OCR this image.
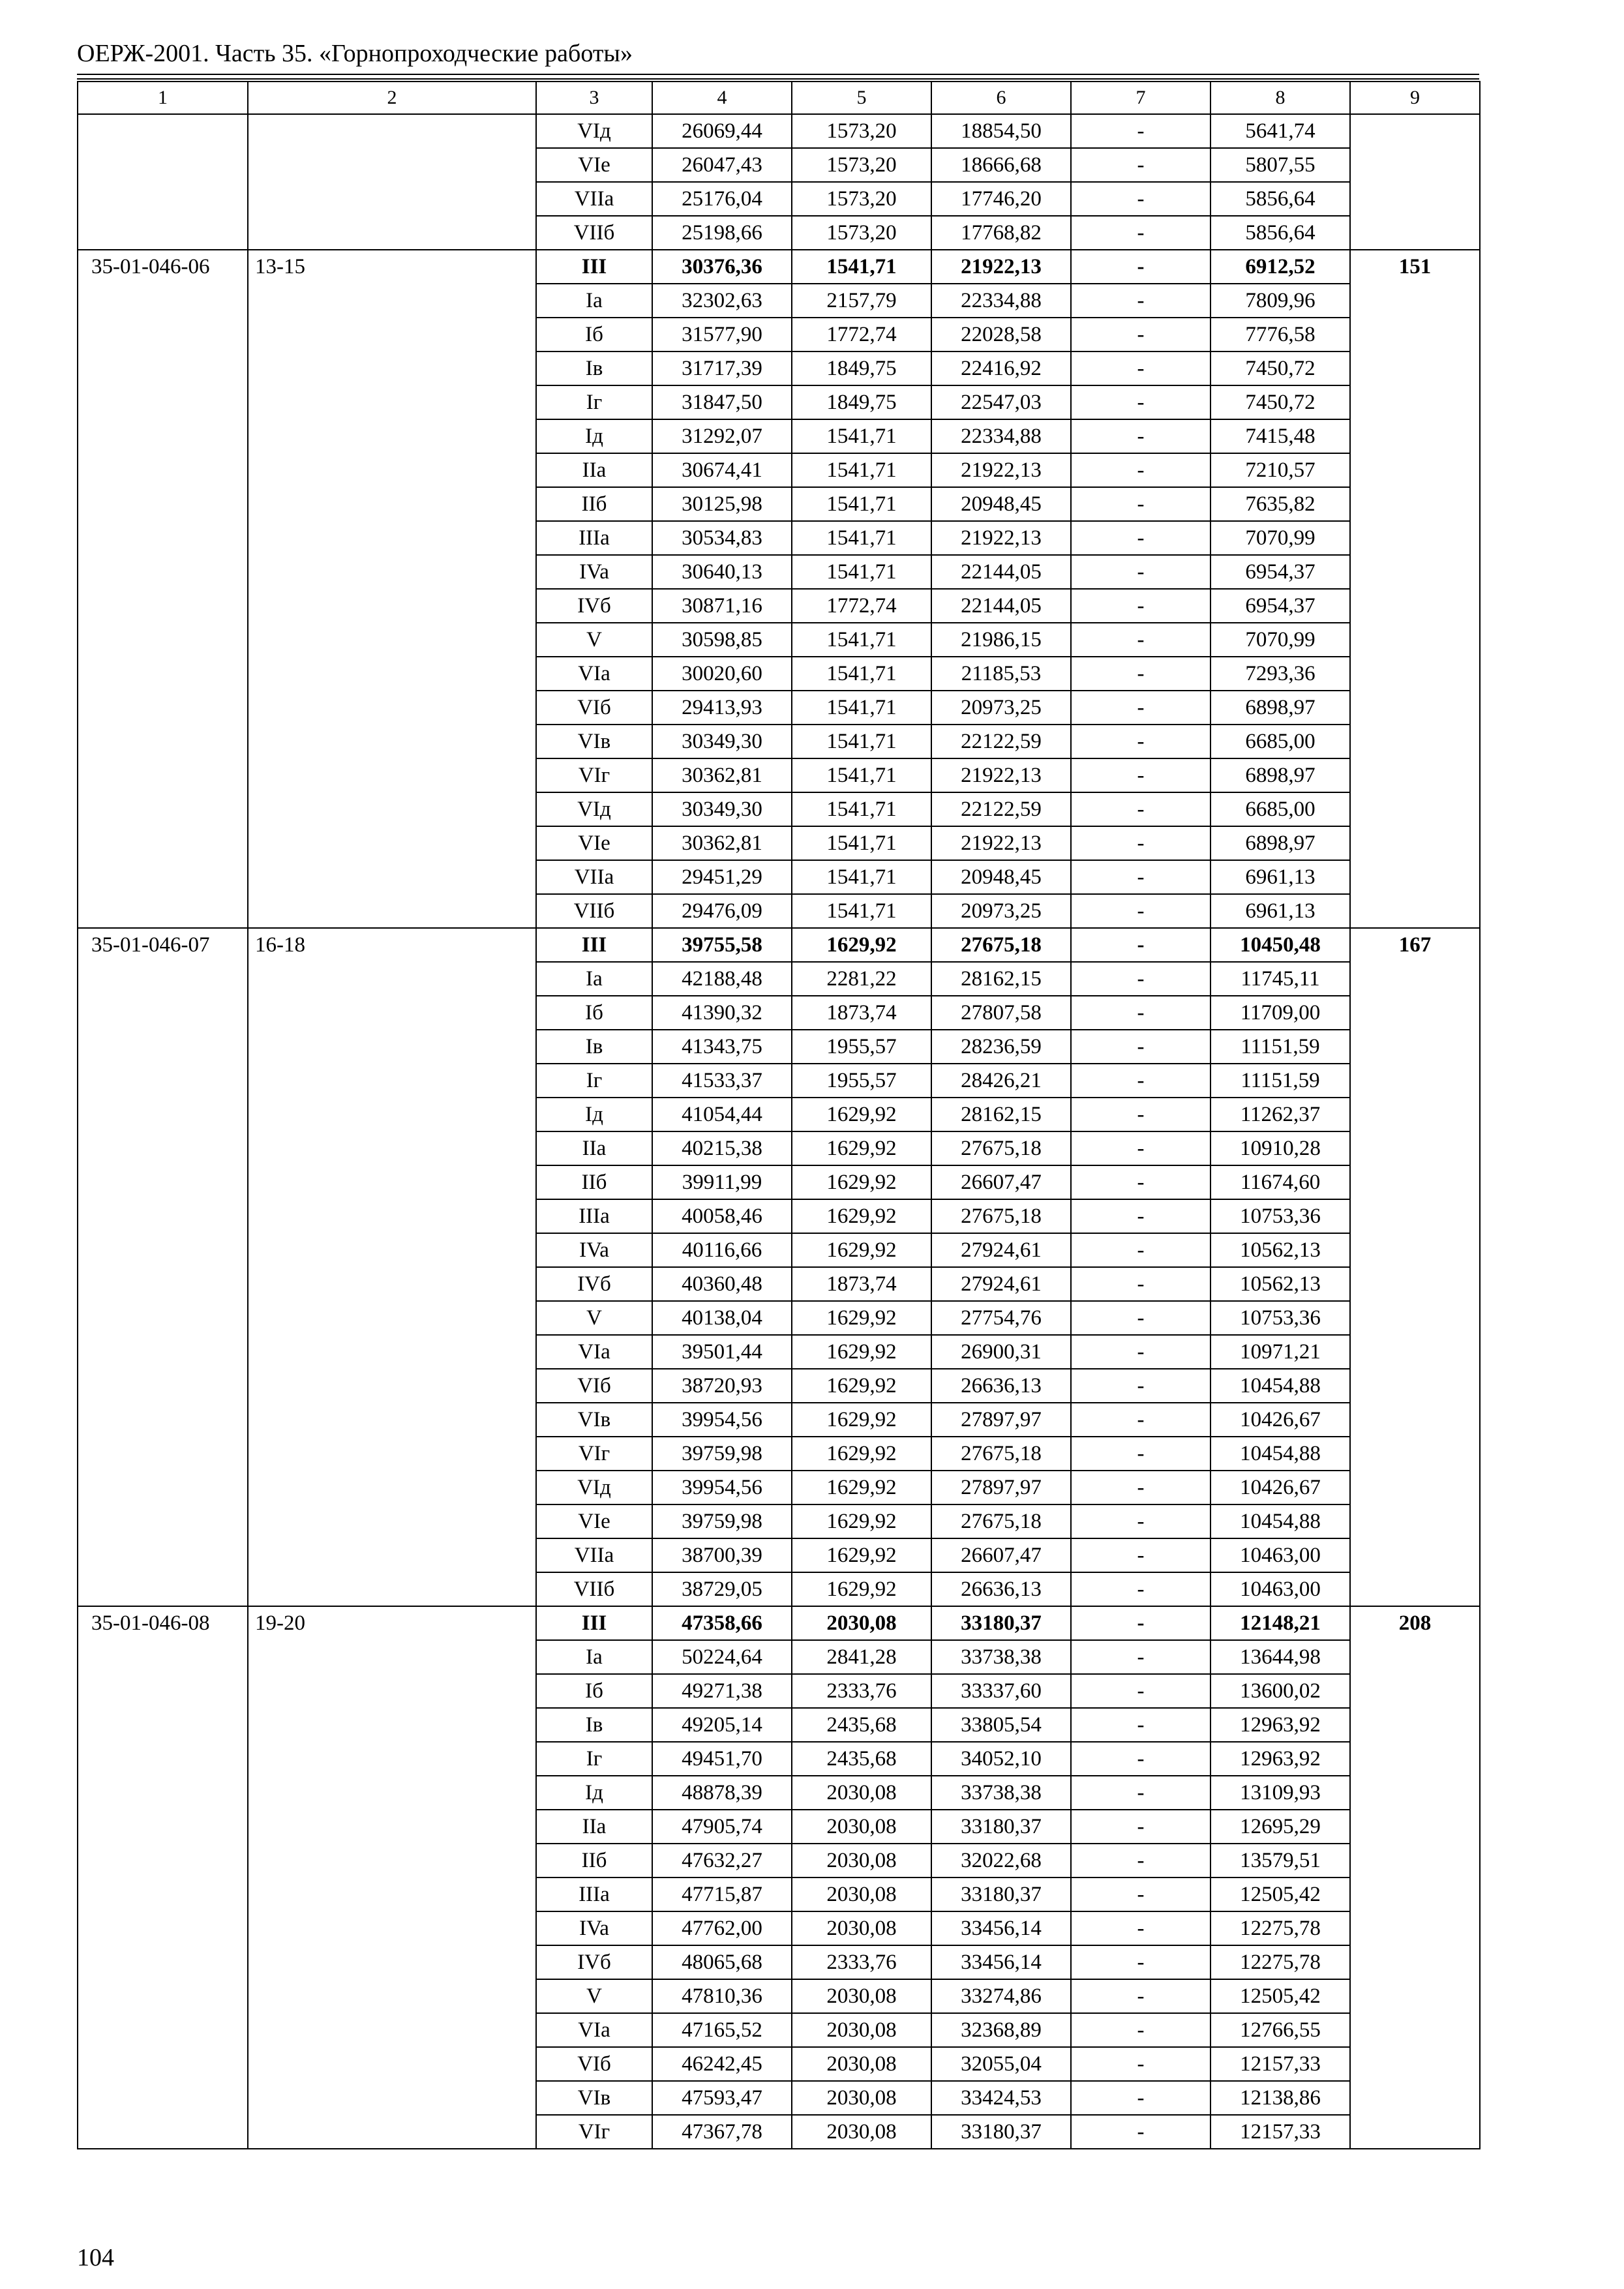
ОЕРЖ-2001. Часть 35. «Горнопроходческие работы»
1	2	3	4	5	6	7	8	9
		VIд	26069,44	1573,20	18854,50	-	5641,74	
		VIe	26047,43	1573,20	18666,68	-	5807,55	
		VIIa	25176,04	1573,20	17746,20	-	5856,64	
		VIIб	25198,66	1573,20	17768,82	-	5856,64	
35-01-046-06	13-15	III	30376,36	1541,71	21922,13	-	6912,52	151
		Ia	32302,63	2157,79	22334,88	-	7809,96	
		Iб	31577,90	1772,74	22028,58	-	7776,58	
		Iв	31717,39	1849,75	22416,92	-	7450,72	
		Iг	31847,50	1849,75	22547,03	-	7450,72	
		Iд	31292,07	1541,71	22334,88	-	7415,48	
		IIa	30674,41	1541,71	21922,13	-	7210,57	
		IIб	30125,98	1541,71	20948,45	-	7635,82	
		IIIa	30534,83	1541,71	21922,13	-	7070,99	
		IVa	30640,13	1541,71	22144,05	-	6954,37	
		IVб	30871,16	1772,74	22144,05	-	6954,37	
		V	30598,85	1541,71	21986,15	-	7070,99	
		VIa	30020,60	1541,71	21185,53	-	7293,36	
		VIб	29413,93	1541,71	20973,25	-	6898,97	
		VIв	30349,30	1541,71	22122,59	-	6685,00	
		VIг	30362,81	1541,71	21922,13	-	6898,97	
		VIд	30349,30	1541,71	22122,59	-	6685,00	
		VIe	30362,81	1541,71	21922,13	-	6898,97	
		VIIa	29451,29	1541,71	20948,45	-	6961,13	
		VIIб	29476,09	1541,71	20973,25	-	6961,13	
35-01-046-07	16-18	III	39755,58	1629,92	27675,18	-	10450,48	167
		Ia	42188,48	2281,22	28162,15	-	11745,11	
		Iб	41390,32	1873,74	27807,58	-	11709,00	
		Iв	41343,75	1955,57	28236,59	-	11151,59	
		Iг	41533,37	1955,57	28426,21	-	11151,59	
		Iд	41054,44	1629,92	28162,15	-	11262,37	
		IIa	40215,38	1629,92	27675,18	-	10910,28	
		IIб	39911,99	1629,92	26607,47	-	11674,60	
		IIIa	40058,46	1629,92	27675,18	-	10753,36	
		IVa	40116,66	1629,92	27924,61	-	10562,13	
		IVб	40360,48	1873,74	27924,61	-	10562,13	
		V	40138,04	1629,92	27754,76	-	10753,36	
		VIa	39501,44	1629,92	26900,31	-	10971,21	
		VIб	38720,93	1629,92	26636,13	-	10454,88	
		VIв	39954,56	1629,92	27897,97	-	10426,67	
		VIг	39759,98	1629,92	27675,18	-	10454,88	
		VIд	39954,56	1629,92	27897,97	-	10426,67	
		VIe	39759,98	1629,92	27675,18	-	10454,88	
		VIIa	38700,39	1629,92	26607,47	-	10463,00	
		VIIб	38729,05	1629,92	26636,13	-	10463,00	
35-01-046-08	19-20	III	47358,66	2030,08	33180,37	-	12148,21	208
		Ia	50224,64	2841,28	33738,38	-	13644,98	
		Iб	49271,38	2333,76	33337,60	-	13600,02	
		Iв	49205,14	2435,68	33805,54	-	12963,92	
		Iг	49451,70	2435,68	34052,10	-	12963,92	
		Iд	48878,39	2030,08	33738,38	-	13109,93	
		IIa	47905,74	2030,08	33180,37	-	12695,29	
		IIб	47632,27	2030,08	32022,68	-	13579,51	
		IIIa	47715,87	2030,08	33180,37	-	12505,42	
		IVa	47762,00	2030,08	33456,14	-	12275,78	
		IVб	48065,68	2333,76	33456,14	-	12275,78	
		V	47810,36	2030,08	33274,86	-	12505,42	
		VIa	47165,52	2030,08	32368,89	-	12766,55	
		VIб	46242,45	2030,08	32055,04	-	12157,33	
		VIв	47593,47	2030,08	33424,53	-	12138,86	
		VIг	47367,78	2030,08	33180,37	-	12157,33	
104
